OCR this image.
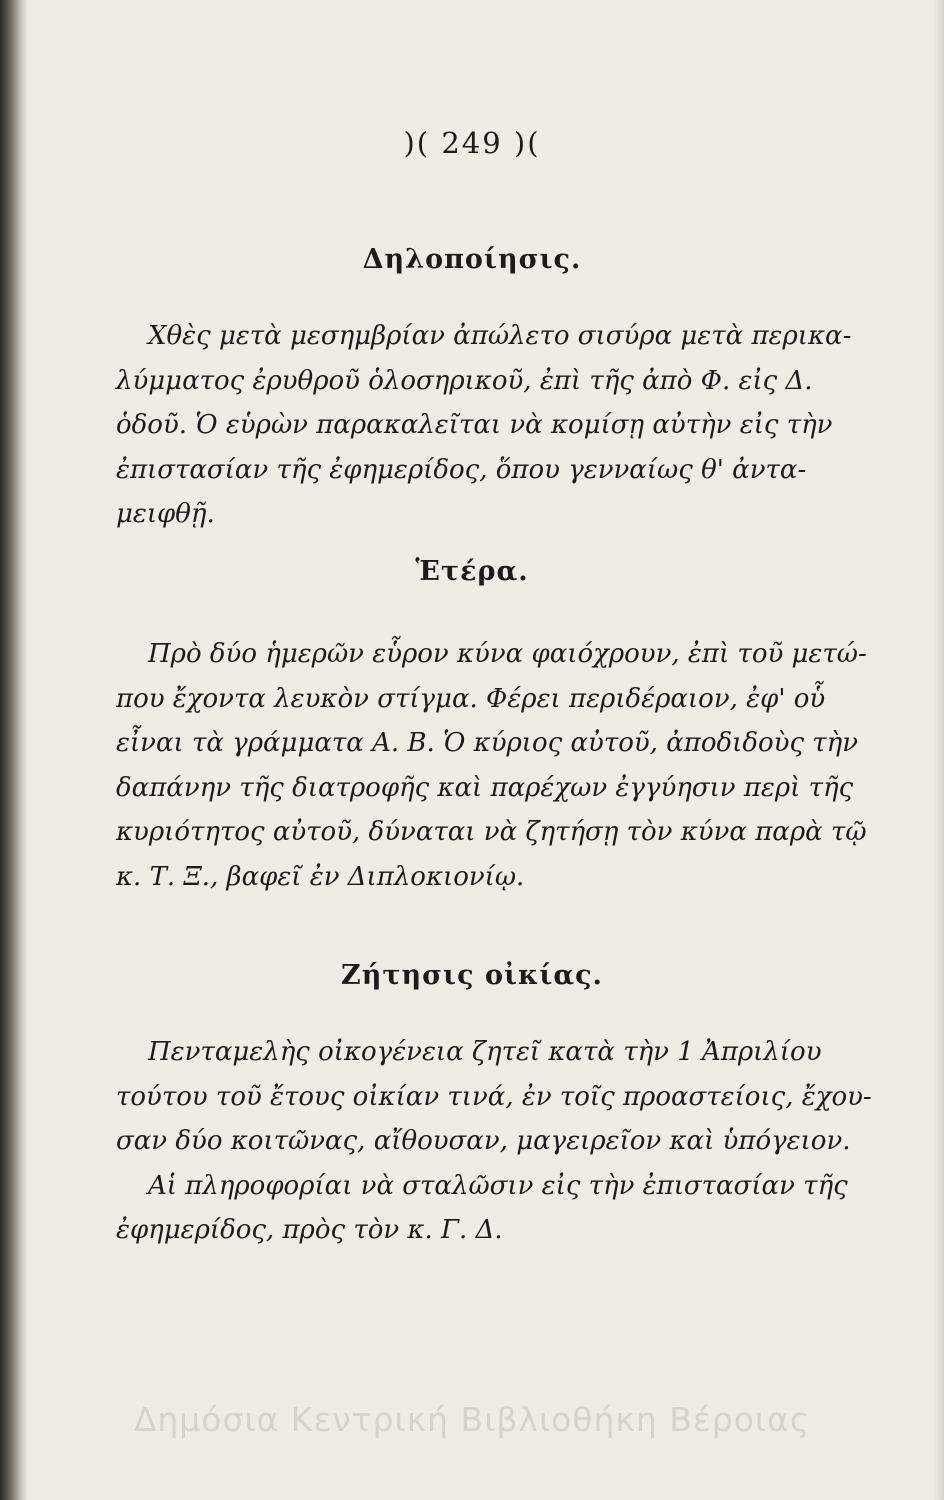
)( 249 )(
Δηλοποίησις.
Χθὲς μετὰ μεσημβρίαν ἀπώλετο σισύρα μετὰ περικα-
λύμματος ἐρυθροῦ ὁλοσηρικοῦ, ἐπὶ τῆς ἀπὸ Φ. εἰς Δ.
ὁδοῦ. Ὁ εὑρὼν παρακαλεῖται νὰ κομίσῃ αὐτὴν εἰς τὴν
ἐπιστασίαν τῆς ἐφημερίδος, ὅπου γενναίως θ' ἀντα-
μειφθῇ.
Ἑτέρα.
Πρὸ δύο ἡμερῶν εὗρον κύνα φαιόχρουν, ἐπὶ τοῦ μετώ-
που ἔχοντα λευκὸν στίγμα. Φέρει περιδέραιον, ἐφ' οὗ
εἶναι τὰ γράμματα Α. Β. Ὁ κύριος αὐτοῦ, ἀποδιδοὺς τὴν
δαπάνην τῆς διατροφῆς καὶ παρέχων ἐγγύησιν περὶ τῆς
κυριότητος αὐτοῦ, δύναται νὰ ζητήσῃ τὸν κύνα παρὰ τῷ
κ. Τ. Ξ., βαφεῖ ἐν Διπλοκιονίῳ.
Ζήτησις οἰκίας.
Πενταμελὴς οἰκογένεια ζητεῖ κατὰ τὴν 1 Ἀπριλίου
τούτου τοῦ ἔτους οἰκίαν τινά, ἐν τοῖς προαστείοις, ἔχου-
σαν δύο κοιτῶνας, αἴθουσαν, μαγειρεῖον καὶ ὑπόγειον.
Αἱ πληροφορίαι νὰ σταλῶσιν εἰς τὴν ἐπιστασίαν τῆς
ἐφημερίδος, πρὸς τὸν κ. Γ. Δ.
Δημόσια Κεντρική Βιβλιοθήκη Βέροιας
